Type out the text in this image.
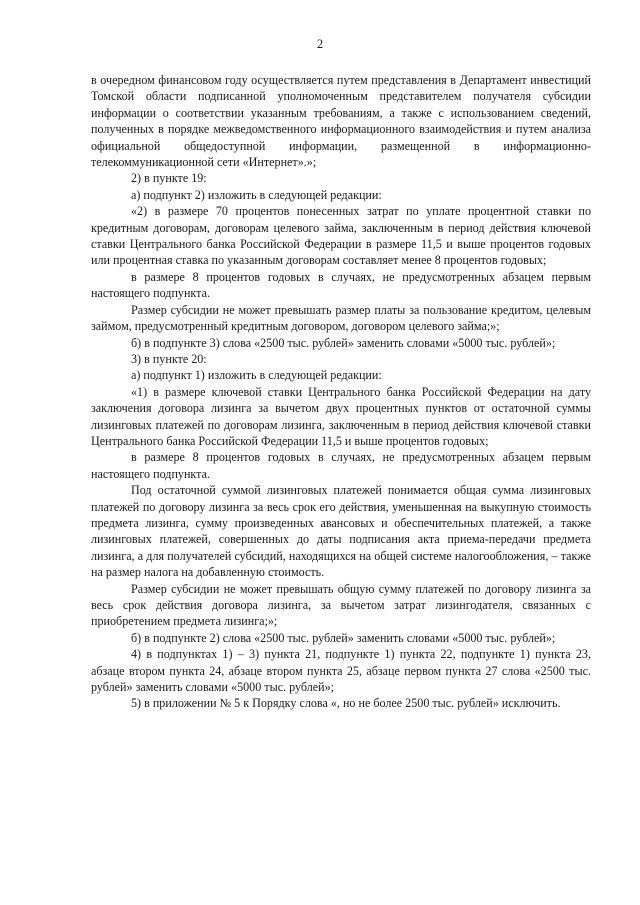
2

в очередном финансовом году осуществляется путем представления в Департамент инвестиций Томской области подписанной уполномоченным представителем получателя субсидии информации о соответствии указанным требованиям, а также с использованием сведений, полученных в порядке межведомственного информационного взаимодействия и путем анализа официальной общедоступной информации, размещенной в информационно-телекоммуникационной сети «Интернет».»;

2) в пункте 19:

а) подпункт 2) изложить в следующей редакции:

«2) в размере 70 процентов понесенных затрат по уплате процентной ставки по кредитным договорам, договорам целевого займа, заключенным в период действия ключевой ставки Центрального банка Российской Федерации в размере 11,5 и выше процентов годовых или процентная ставка по указанным договорам составляет менее 8 процентов годовых;

в размере 8 процентов годовых в случаях, не предусмотренных абзацем первым настоящего подпункта.

Размер субсидии не может превышать размер платы за пользование кредитом, целевым займом, предусмотренный кредитным договором, договором целевого займа;»;

б) в подпункте 3) слова «2500 тыс. рублей» заменить словами «5000 тыс. рублей»;

3) в пункте 20:

а) подпункт 1) изложить в следующей редакции:

«1) в размере ключевой ставки Центрального банка Российской Федерации на дату заключения договора лизинга за вычетом двух процентных пунктов от остаточной суммы лизинговых платежей по договорам лизинга, заключенным в период действия ключевой ставки Центрального банка Российской Федерации 11,5 и выше процентов годовых;

в размере 8 процентов годовых в случаях, не предусмотренных абзацем первым настоящего подпункта.

Под остаточной суммой лизинговых платежей понимается общая сумма лизинговых платежей по договору лизинга за весь срок его действия, уменьшенная на выкупную стоимость предмета лизинга, сумму произведенных авансовых и обеспечительных платежей, а также лизинговых платежей, совершенных до даты подписания акта приема-передачи предмета лизинга, а для получателей субсидий, находящихся на общей системе налогообложения, – также на размер налога на добавленную стоимость.

Размер субсидии не может превышать общую сумму платежей по договору лизинга за весь срок действия договора лизинга, за вычетом затрат лизингодателя, связанных с приобретением предмета лизинга;»;

б) в подпункте 2) слова «2500 тыс. рублей» заменить словами «5000 тыс. рублей»;

4) в подпунктах 1) – 3) пункта 21, подпункте 1) пункта 22, подпункте 1) пункта 23, абзаце втором пункта 24, абзаце втором пункта 25, абзаце первом пункта 27 слова «2500 тыс. рублей» заменить словами «5000 тыс. рублей»;

5) в приложении № 5 к Порядку слова «, но не более 2500 тыс. рублей» исключить.
